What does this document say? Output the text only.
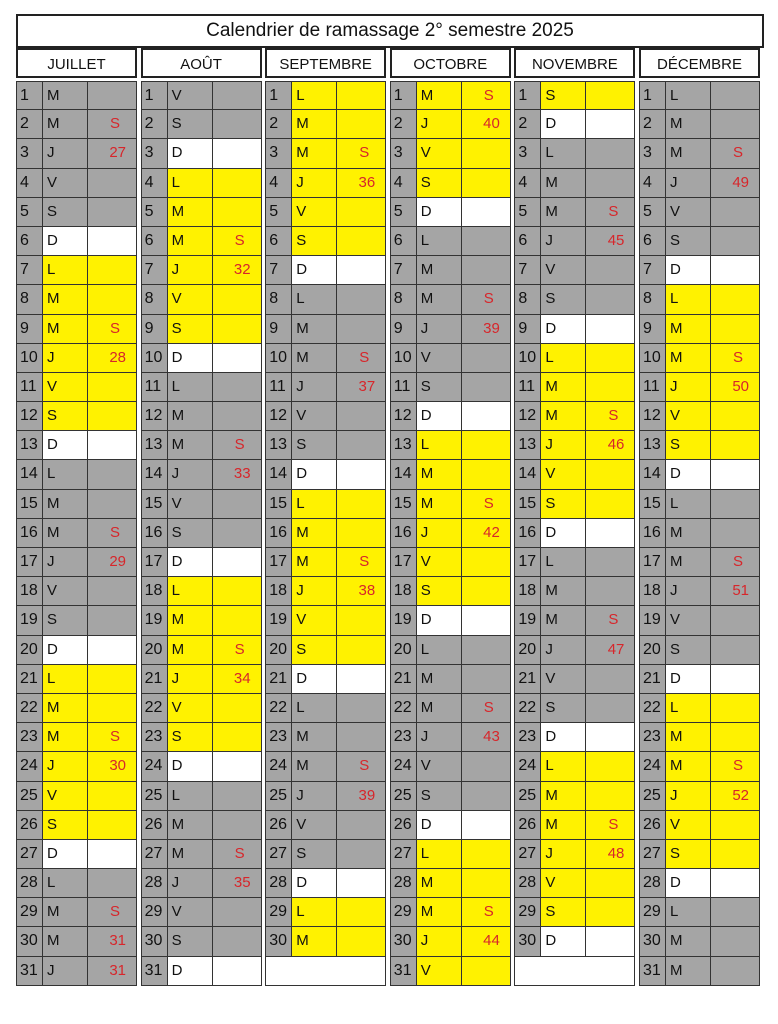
Calendrier de ramassage 2° semestre 2025
JUILLET
1	M
2	M	S
3	J	27
4	V
5	S
6	D
7	L
8	M
9	M	S
10 J	28
11 V
12 S
13 D
14 L
15 M
16 M	S
17 J	29
18 V
19 S
20 D
21 L
22 M
23 M	S
24 J	30
25 V
26 S
27 D
28 L
29 M	S
30 M	31
31 J	31
AOÛT
1	V
2	S
3	D
4	L
5	M
6	M	S
7	J	32
8	V
9	S
10 D
11 L
12 M
13 M	S
14 J	33
15 V
16 S
17 D
18 L
19 M
20 M	S
21 J	34
22 V
23 S
24 D
25 L
26 M
27 M	S
28 J	35
29 V
30 S
31 D
SEPTEMBRE
1	L
2	M
3	M	S
4	J	36
5	V
6	S
7	D
8	L
9	M
10 M	S
11 J	37
12 V
13 S
14 D
15 L
16 M
17 M	S
18 J	38
19 V
20 S
21 D
22 L
23 M
24 M	S
25 J	39
26 V
27 S
28 D
29 L
30 M
OCTOBRE
1	M	S
2	J	40
3	V
4	S
5	D
6	L
7	M
8	M	S
9	J	39
10 V
11 S
12 D
13 L
14 M
15 M	S
16 J	42
17 V
18 S
19 D
20 L
21 M
22 M	S
23 J	43
24 V
25 S
26 D
27 L
28 M
29 M	S
30 J	44
31 V
NOVEMBRE
1	S
2	D
3	L
4	M
5	M	S
6	J	45
7	V
8	S
9	D
10 L
11 M
12 M	S
13 J	46
14 V
15 S
16 D
17 L
18 M
19 M	S
20 J	47
21 V
22 S
23 D
24 L
25 M
26 M	S
27 J	48
28 V
29 S
30 D
DÉCEMBRE
1	L
2	M
3	M	S
4	J	49
5	V
6	S
7	D
8	L
9	M
10 M	S
11 J	50
12 V
13 S
14 D
15 L
16 M
17 M	S
18 J	51
19 V
20 S
21 D
22 L
23 M
24 M	S
25 J	52
26 V
27 S
28 D
29 L
30 M
31 M
